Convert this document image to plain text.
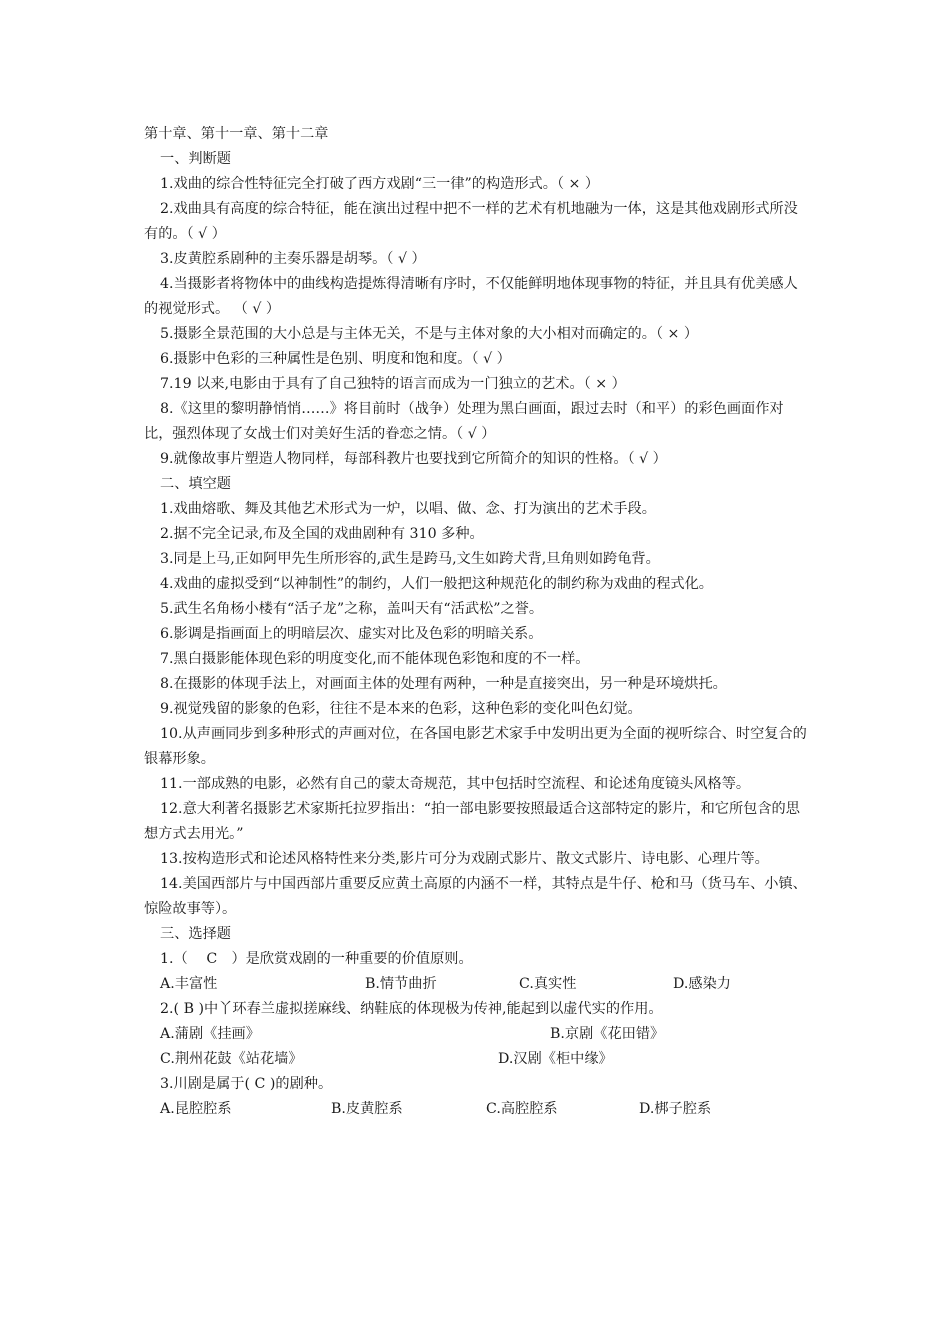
第十章、第十一章、第十二章

一、判断题

1.戏曲的综合性特征完全打破了西方戏剧“三一律”的构造形式。（ × ）

2.戏曲具有高度的综合特征，能在演出过程中把不一样的艺术有机地融为一体，这是其他戏剧形式所没有的。（ √ ）

3.皮黄腔系剧种的主奏乐器是胡琴。（ √ ）

4.当摄影者将物体中的曲线构造提炼得清晰有序时，不仅能鲜明地体现事物的特征，并且具有优美感人的视觉形式。 （ √ ）

5.摄影全景范围的大小总是与主体无关，不是与主体对象的大小相对而确定的。（ × ）

6.摄影中色彩的三种属性是色别、明度和饱和度。（ √ ）

7.19 以来,电影由于具有了自己独特的语言而成为一门独立的艺术。（ × ）

8.《这里的黎明静悄悄……》将目前时（战争）处理为黑白画面，跟过去时（和平）的彩色画面作对比，强烈体现了女战士们对美好生活的眷恋之情。（ √ ）

9.就像故事片塑造人物同样，每部科教片也要找到它所简介的知识的性格。（ √ ）

二、填空题

1.戏曲熔歌、舞及其他艺术形式为一炉，以唱、做、念、打为演出的艺术手段。

2.据不完全记录,布及全国的戏曲剧种有 310 多种。

3.同是上马,正如阿甲先生所形容的,武生是跨马,文生如跨犬背,旦角则如跨龟背。

4.戏曲的虚拟受到“以神制性”的制约，人们一般把这种规范化的制约称为戏曲的程式化。

5.武生名角杨小楼有“活子龙”之称，盖叫天有“活武松”之誉。

6.影调是指画面上的明暗层次、虚实对比及色彩的明暗关系。

7.黑白摄影能体现色彩的明度变化,而不能体现色彩饱和度的不一样。

8.在摄影的体现手法上，对画面主体的处理有两种，一种是直接突出，另一种是环境烘托。

9.视觉残留的影象的色彩，往往不是本来的色彩，这种色彩的变化叫色幻觉。

10.从声画同步到多种形式的声画对位，在各国电影艺术家手中发明出更为全面的视听综合、时空复合的银幕形象。

11.一部成熟的电影，必然有自己的蒙太奇规范，其中包括时空流程、和论述角度镜头风格等。

12.意大利著名摄影艺术家斯托拉罗指出：“拍一部电影要按照最适合这部特定的影片，和它所包含的思想方式去用光。”

13.按构造形式和论述风格特性来分类,影片可分为戏剧式影片、散文式影片、诗电影、心理片等。

14.美国西部片与中国西部片重要反应黄土高原的内涵不一样，其特点是牛仔、枪和马（货马车、小镇、惊险故事等）。

三、选择题

1.（　 C　）是欣赏戏剧的一种重要的价值原则。

A.丰富性	B.情节曲折	C.真实性	D.感染力

2.( B )中丫环春兰虚拟搓麻线、纳鞋底的体现极为传神,能起到以虚代实的作用。

A.蒲剧《挂画》	B.京剧《花田错》
C.荆州花鼓《站花墙》	D.汉剧《柜中缘》

3.川剧是属于( C )的剧种。

A.昆腔腔系	B.皮黄腔系	C.高腔腔系	D.梆子腔系
